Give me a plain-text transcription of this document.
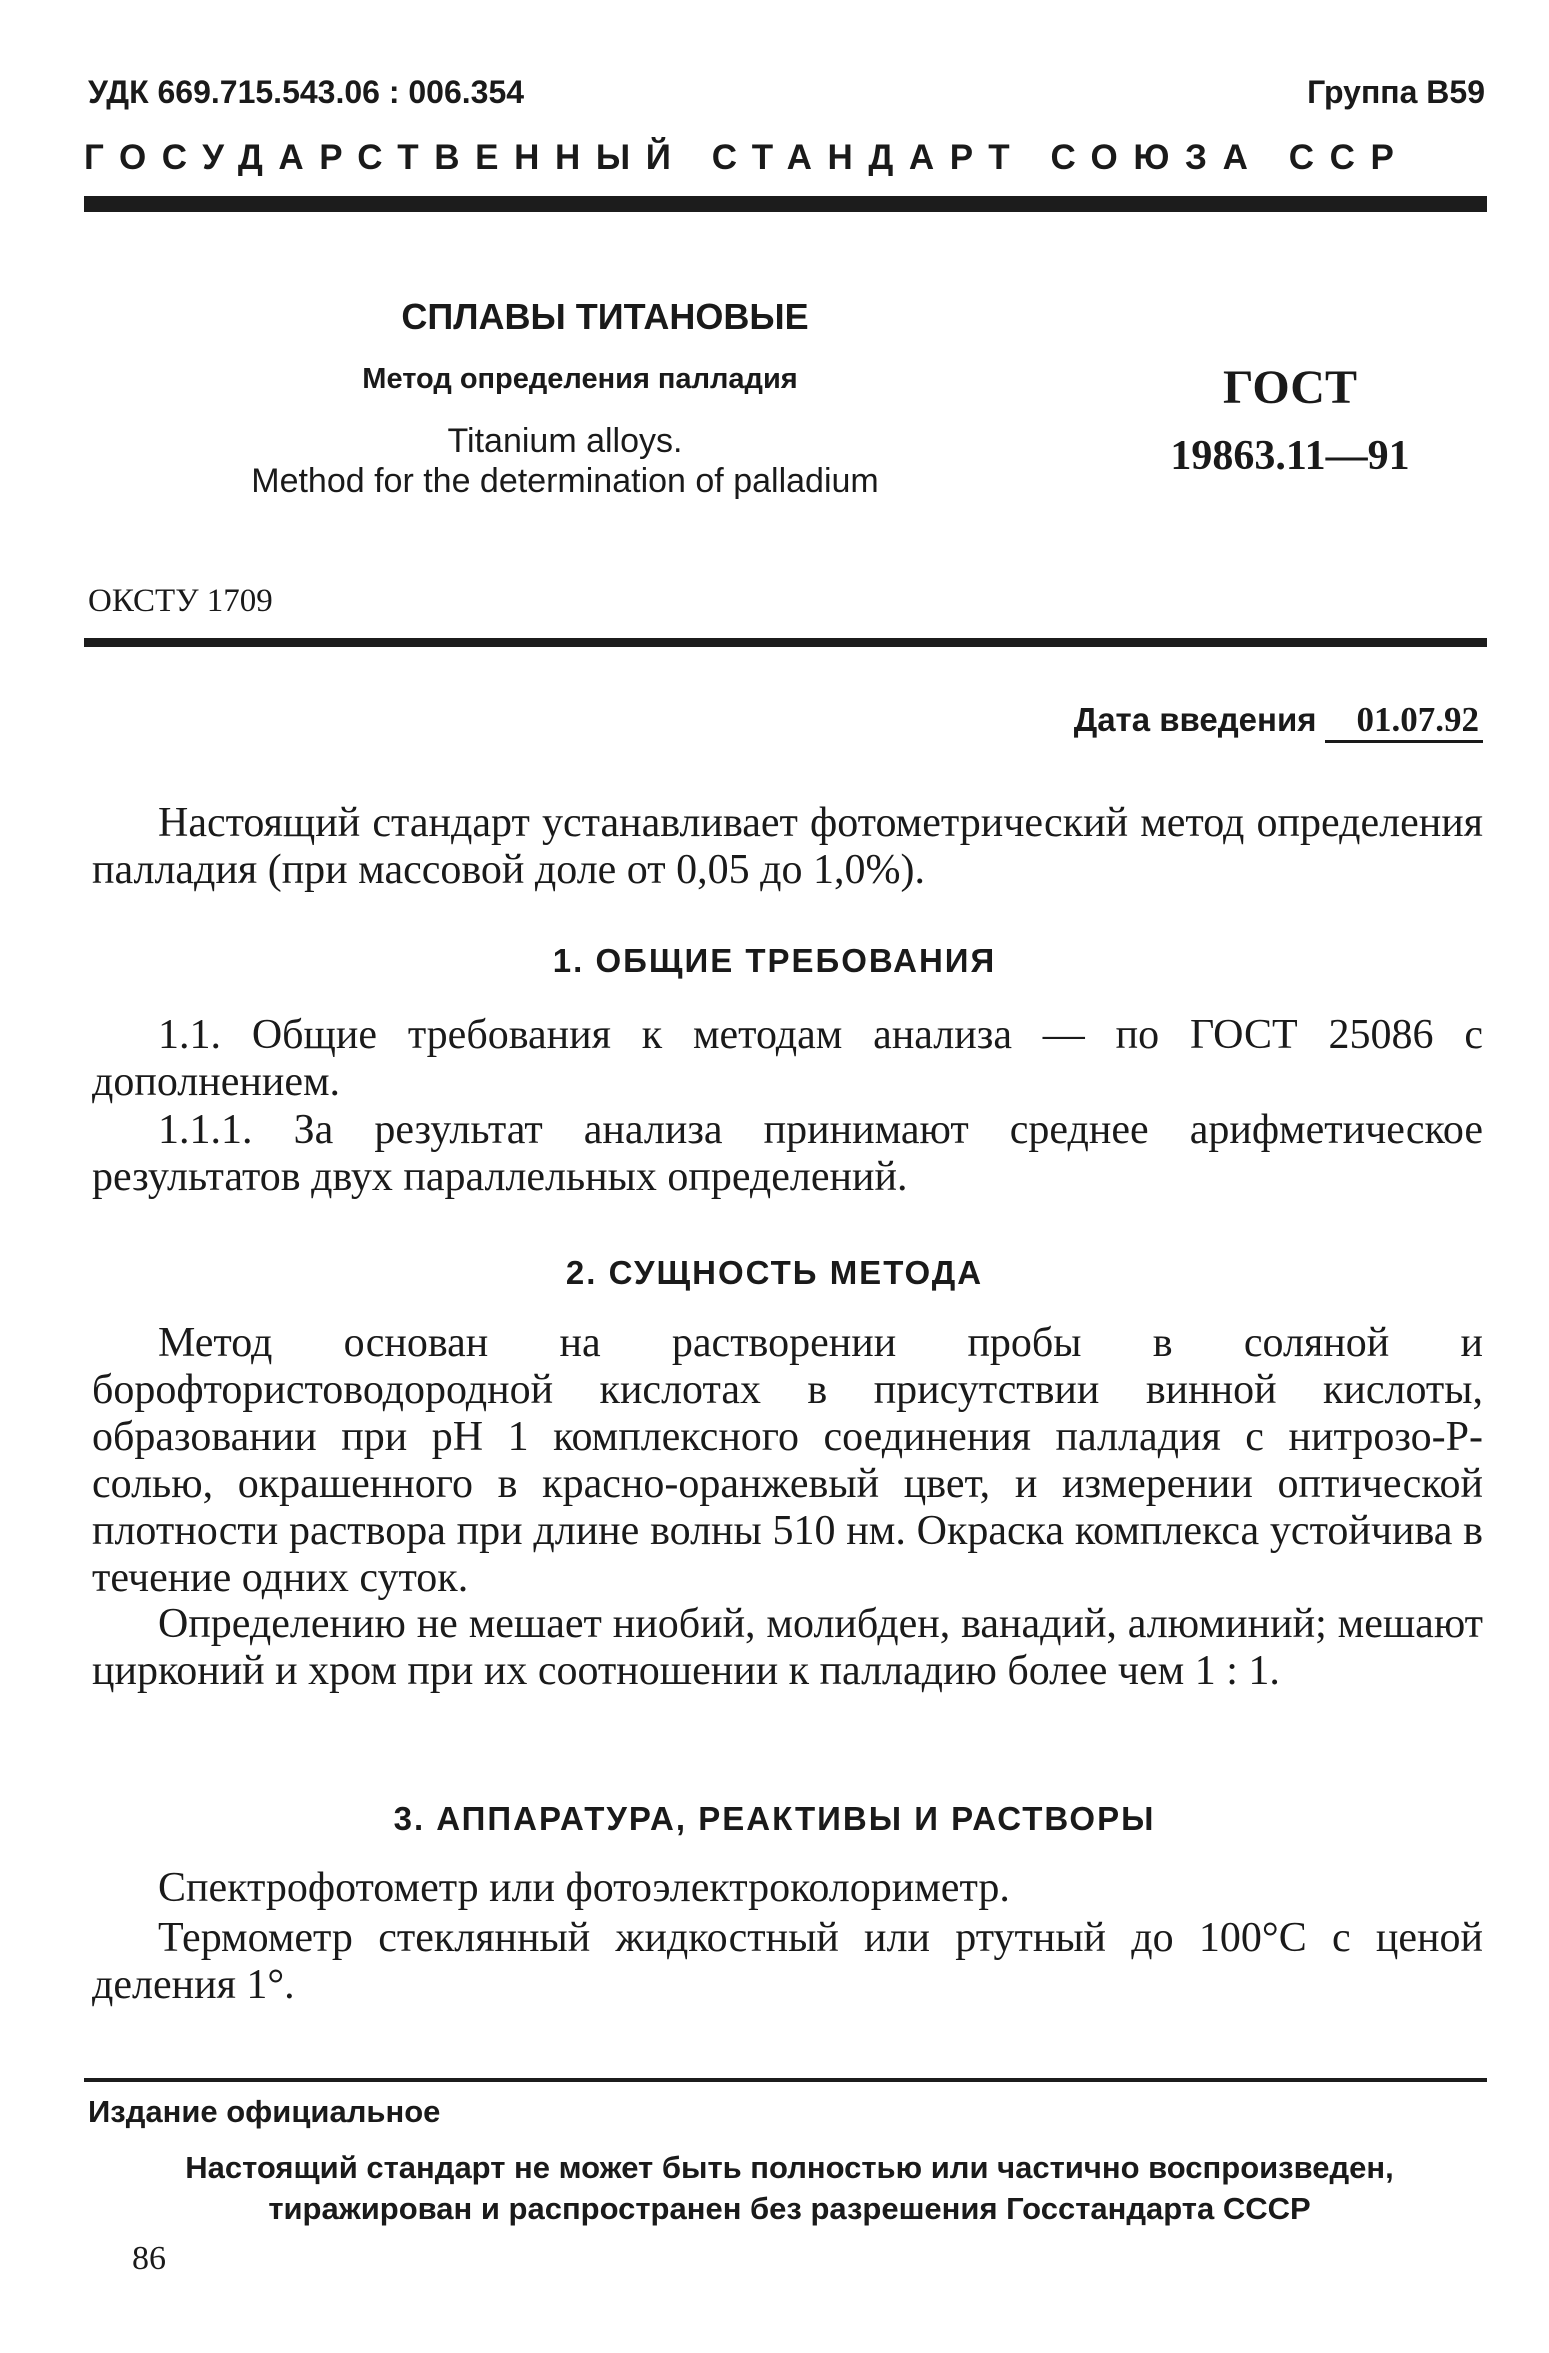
УДК 669.715.543.06 : 006.354	Группа В59
ГОСУДАРСТВЕННЫЙ СТАНДАРТ СОЮЗА ССР
СПЛАВЫ ТИТАНОВЫЕ
Метод определения палладия
Titanium alloys.
Method for the determination of palladium
ГОСТ
19863.11—91
ОКСТУ 1709
Дата введения	01.07.92
Настоящий стандарт устанавливает фотометрический метод определения палладия (при массовой доле от 0,05 до 1,0%).
1. ОБЩИЕ ТРЕБОВАНИЯ
1.1. Общие требования к методам анализа — по ГОСТ 25086 с дополнением.
1.1.1. За результат анализа принимают среднее арифметическое результатов двух параллельных определений.
2. СУЩНОСТЬ МЕТОДА
Метод основан на растворении пробы в соляной и борофтористоводородной кислотах в присутствии винной кислоты, образовании при pH 1 комплексного соединения палладия с нитрозо-Р-солью, окрашенного в красно-оранжевый цвет, и измерении оптической плотности раствора при длине волны 510 нм. Окраска комплекса устойчива в течение одних суток.
Определению не мешает ниобий, молибден, ванадий, алюминий; мешают цирконий и хром при их соотношении к палладию более чем 1 : 1.
3. АППАРАТУРА, РЕАКТИВЫ И РАСТВОРЫ
Спектрофотометр или фотоэлектроколориметр.
Термометр стеклянный жидкостный или ртутный до 100°С с ценой деления 1°.
Издание официальное
Настоящий стандарт не может быть полностью или частично воспроизведен,
тиражирован и распространен без разрешения Госстандарта СССР
86
